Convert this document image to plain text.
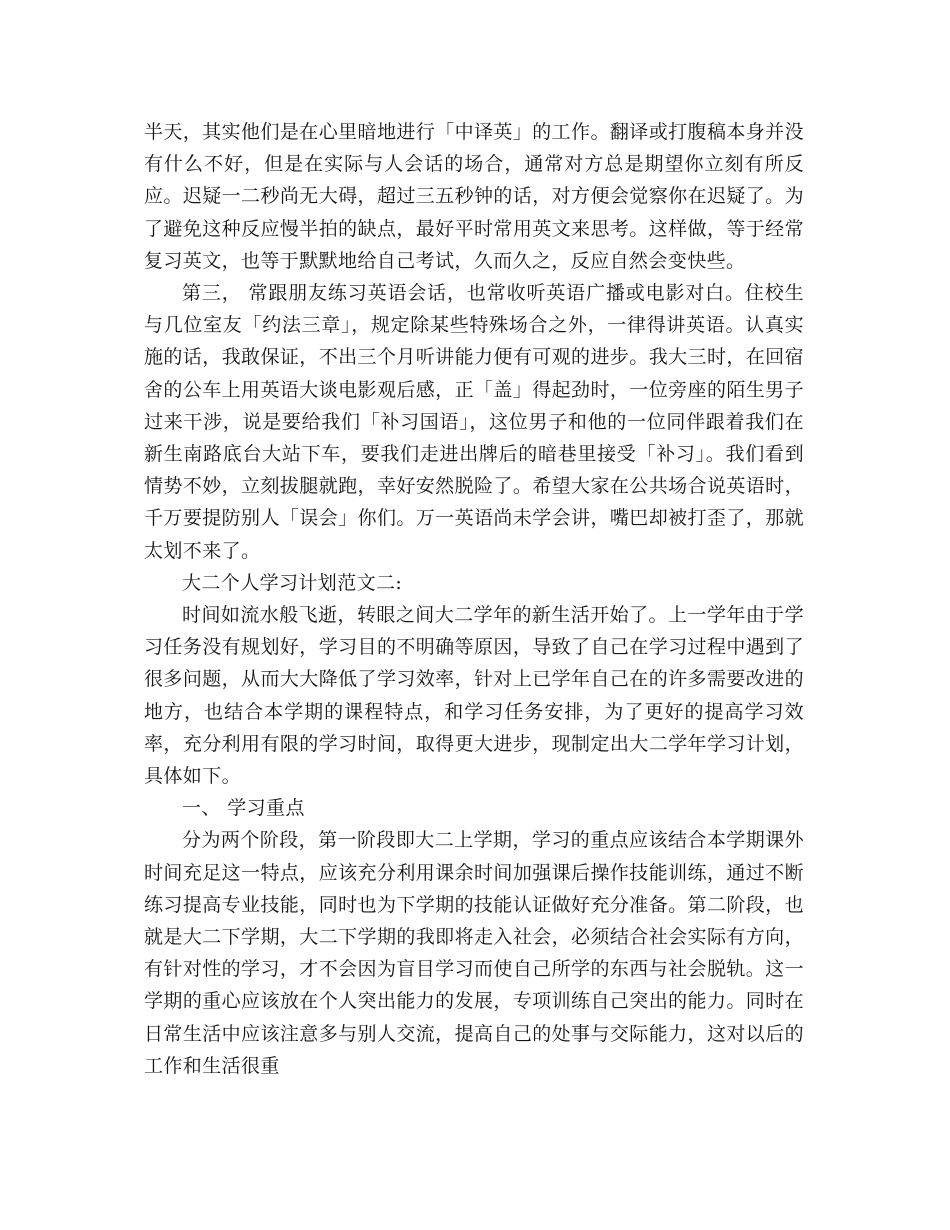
半天，其实他们是在心里暗地进行「中译英」的工作。翻译或打腹稿本身并没有什么不好，但是在实际与人会话的场合，通常对方总是期望你立刻有所反应。迟疑一二秒尚无大碍，超过三五秒钟的话，对方便会觉察你在迟疑了。为了避免这种反应慢半拍的缺点，最好平时常用英文来思考。这样做，等于经常复习英文，也等于默默地给自己考试，久而久之，反应自然会变快些。

第三， 常跟朋友练习英语会话，也常收听英语广播或电影对白。住校生与几位室友「约法三章」，规定除某些特殊场合之外，一律得讲英语。认真实施的话，我敢保证，不出三个月听讲能力便有可观的进步。我大三时，在回宿舍的公车上用英语大谈电影观后感，正「盖」得起劲时，一位旁座的陌生男子过来干涉，说是要给我们「补习国语」，这位男子和他的一位同伴跟着我们在新生南路底台大站下车，要我们走进出牌后的暗巷里接受「补习」。我们看到情势不妙，立刻拔腿就跑，幸好安然脱险了。希望大家在公共场合说英语时，千万要提防别人「误会」你们。万一英语尚未学会讲，嘴巴却被打歪了，那就太划不来了。

大二个人学习计划范文二:

时间如流水般飞逝，转眼之间大二学年的新生活开始了。上一学年由于学习任务没有规划好，学习目的不明确等原因，导致了自己在学习过程中遇到了很多问题，从而大大降低了学习效率，针对上已学年自己在的许多需要改进的地方，也结合本学期的课程特点，和学习任务安排，为了更好的提高学习效率，充分利用有限的学习时间，取得更大进步，现制定出大二学年学习计划，具体如下。

一、 学习重点

分为两个阶段，第一阶段即大二上学期，学习的重点应该结合本学期课外时间充足这一特点，应该充分利用课余时间加强课后操作技能训练，通过不断练习提高专业技能，同时也为下学期的技能认证做好充分准备。第二阶段，也就是大二下学期，大二下学期的我即将走入社会，必须结合社会实际有方向，有针对性的学习，才不会因为盲目学习而使自己所学的东西与社会脱轨。这一学期的重心应该放在个人突出能力的发展，专项训练自己突出的能力。同时在日常生活中应该注意多与别人交流，提高自己的处事与交际能力，这对以后的工作和生活很重
